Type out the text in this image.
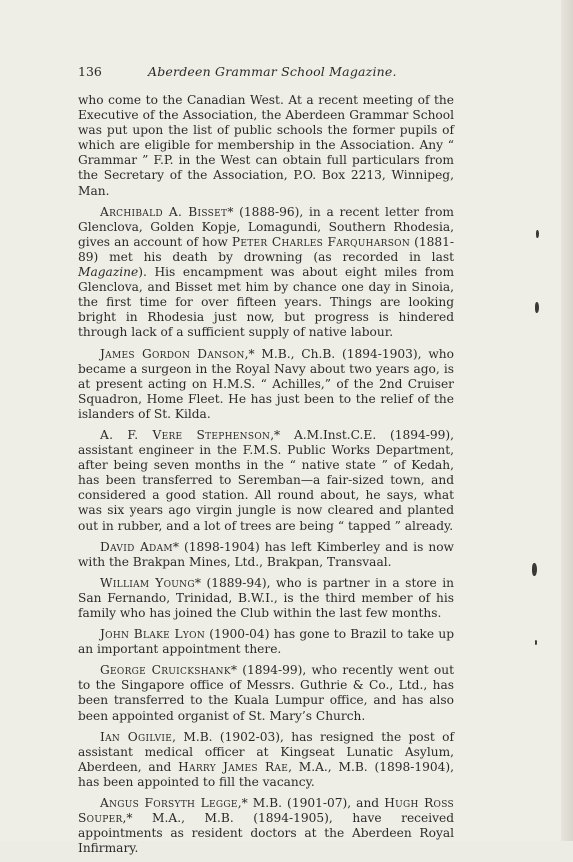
136	Aberdeen Grammar School Magazine.

who come to the Canadian West. At a recent meeting of the Executive of the Association, the Aberdeen Grammar School was put upon the list of public schools the former pupils of which are eligible for membership in the Association. Any “ Grammar ” F.P. in the West can obtain full particulars from the Secretary of the Association, P.O. Box 2213, Winnipeg, Man.

Archibald A. Bisset* (1888-96), in a recent letter from Glenclova, Golden Kopje, Lomagundi, Southern Rhodesia, gives an account of how Peter Charles Farquharson (1881-89) met his death by drowning (as recorded in last Magazine). His encampment was about eight miles from Glenclova, and Bisset met him by chance one day in Sinoia, the first time for over fifteen years. Things are looking bright in Rhodesia just now, but progress is hindered through lack of a sufficient supply of native labour.

James Gordon Danson,* M.B., Ch.B. (1894-1903), who became a surgeon in the Royal Navy about two years ago, is at present acting on H.M.S. “ Achilles,” of the 2nd Cruiser Squadron, Home Fleet. He has just been to the relief of the islanders of St. Kilda.

A. F. Vere Stephenson,* A.M.Inst.C.E. (1894-99), assistant engineer in the F.M.S. Public Works Department, after being seven months in the “ native state ” of Kedah, has been transferred to Seremban—a fair-sized town, and considered a good station. All round about, he says, what was six years ago virgin jungle is now cleared and planted out in rubber, and a lot of trees are being “ tapped ” already.

David Adam* (1898-1904) has left Kimberley and is now with the Brakpan Mines, Ltd., Brakpan, Transvaal.

William Young* (1889-94), who is partner in a store in San Fernando, Trinidad, B.W.I., is the third member of his family who has joined the Club within the last few months.

John Blake Lyon (1900-04) has gone to Brazil to take up an important appointment there.

George Cruickshank* (1894-99), who recently went out to the Singapore office of Messrs. Guthrie & Co., Ltd., has been transferred to the Kuala Lumpur office, and has also been appointed organist of St. Mary’s Church.

Ian Ogilvie, M.B. (1902-03), has resigned the post of assistant medical officer at Kingseat Lunatic Asylum, Aberdeen, and Harry James Rae, M.A., M.B. (1898-1904), has been appointed to fill the vacancy.

Angus Forsyth Legge,* M.B. (1901-07), and Hugh Ross Souper,* M.A., M.B. (1894-1905), have received appointments as resident doctors at the Aberdeen Royal Infirmary.
